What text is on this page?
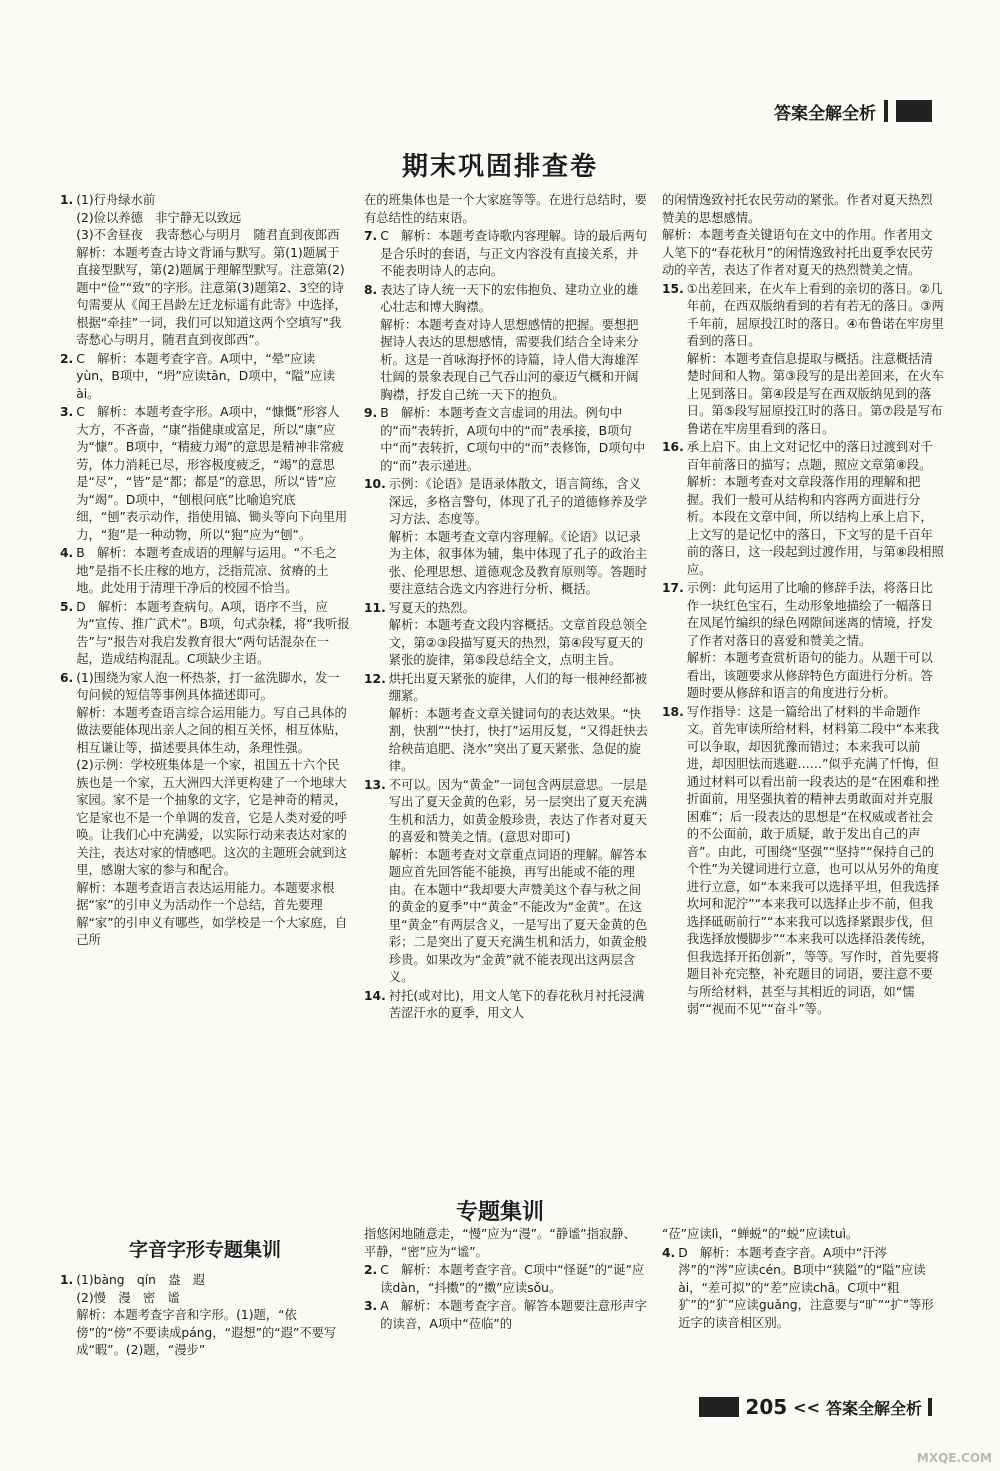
答案全解全析
期末巩固排查卷
1. (1)行舟绿水前
(2)俭以养德　非宁静无以致远
(3)不舍昼夜　我寄愁心与明月　随君直到夜郎西
解析：本题考查古诗文背诵与默写。第(1)题属于直接型默写，第(2)题属于理解型默写。注意第(2)题中“俭”“致”的字形。注意第(3)题第2、3空的诗句需要从《闻王昌龄左迁龙标遥有此寄》中选择，根据“牵挂”一词，我们可以知道这两个空填写“我寄愁心与明月，随君直到夜郎西”。
2. C　解析：本题考查字音。A项中，“晕”应读yùn，B项中，“坍”应读tān，D项中，“隘”应读ài。
3. C　解析：本题考查字形。A项中，“慷慨”形容人大方，不吝啬，“康”指健康或富足，所以“康”应为“慷”。B项中，“精疲力竭”的意思是精神非常疲劳，体力消耗已尽，形容极度疲乏，“竭”的意思是“尽”，“皆”是“都；都是”的意思，所以“皆”应为“竭”。D项中，“刨根问底”比喻追究底细，“刨”表示动作，指使用镐、锄头等向下向里用力，“狍”是一种动物，所以“狍”应为“刨”。
4. B　解析：本题考查成语的理解与运用。“不毛之地”是指不长庄稼的地方，泛指荒凉、贫瘠的土地。此处用于清理干净后的校园不恰当。
5. D　解析：本题考查病句。A项，语序不当，应为“宣传、推广武术”。B项，句式杂糅，将“我听报告”与“报告对我启发教育很大”两句话混杂在一起，造成结构混乱。C项缺少主语。
6. (1)围绕为家人泡一杯热茶，打一盆洗脚水，发一句问候的短信等事例具体描述即可。
解析：本题考查语言综合运用能力。写自己具体的做法要能体现出亲人之间的相互关怀，相互体贴，相互谦让等，描述要具体生动，条理性强。
(2)示例：学校班集体是一个家，祖国五十六个民族也是一个家，五大洲四大洋更构建了一个地球大家园。家不是一个抽象的文字，它是神奇的精灵，它是家也不是一个单调的发音，它是人类对爱的呼唤。让我们心中充满爱，以实际行动来表达对家的关注，表达对家的情感吧。这次的主题班会就到这里，感谢大家的参与和配合。
解析：本题考查语言表达运用能力。本题要求根据“家”的引申义为活动作一个总结，首先要理解“家”的引申义有哪些，如学校是一个大家庭，自己所
在的班集体也是一个大家庭等等。在进行总结时，要有总结性的结束语。
7. C　解析：本题考查诗歌内容理解。诗的最后两句是合乐时的套语，与正文内容没有直接关系，并不能表明诗人的志向。
8. 表达了诗人统一天下的宏伟抱负、建功立业的雄心壮志和博大胸襟。
解析：本题考查对诗人思想感情的把握。要想把握诗人表达的思想感情，需要我们结合全诗来分析。这是一首咏海抒怀的诗篇，诗人借大海雄浑壮阔的景象表现自己气吞山河的豪迈气概和开阔胸襟，抒发自己统一天下的抱负。
9. B　解析：本题考查文言虚词的用法。例句中的“而”表转折，A项句中的“而”表承接，B项句中“而”表转折，C项句中的“而”表修饰，D项句中的“而”表示递进。
10. 示例：《论语》是语录体散文，语言简练，含义深远，多格言警句，体现了孔子的道德修养及学习方法、态度等。
解析：本题考查文章内容理解。《论语》以记录为主体，叙事体为辅，集中体现了孔子的政治主张、伦理思想、道德观念及教育原则等。答题时要注意结合选文内容进行分析、概括。
11. 写夏天的热烈。
解析：本题考查文段内容概括。文章首段总领全文，第②③段描写夏天的热烈，第④段写夏天的紧张的旋律，第⑤段总结全文，点明主旨。
12. 烘托出夏天紧张的旋律，人们的每一根神经都被绷紧。
解析：本题考查文章关键词句的表达效果。“快割，快割”“快打，快打”运用反复，“又得赶快去给秧苗追肥、浇水”突出了夏天紧张、急促的旋律。
13. 不可以。因为“黄金”一词包含两层意思。一层是写出了夏天金黄的色彩，另一层突出了夏天充满生机和活力，如黄金般珍贵，表达了作者对夏天的喜爱和赞美之情。(意思对即可)
解析：本题考查对文章重点词语的理解。解答本题应首先回答能不能换，再写出能或不能的理由。在本题中“我却要大声赞美这个春与秋之间的黄金的夏季”中“黄金”不能改为“金黄”。在这里“黄金”有两层含义，一是写出了夏天金黄的色彩；二是突出了夏天充满生机和活力，如黄金般珍贵。如果改为“金黄”就不能表现出这两层含义。
14. 衬托(或对比)，用文人笔下的春花秋月衬托浸满苦涩汗水的夏季，用文人
的闲情逸致衬托农民劳动的紧张。作者对夏天热烈赞美的思想感情。
解析：本题考查关键语句在文中的作用。作者用文人笔下的“春花秋月”的闲情逸致衬托出夏季农民劳动的辛苦，表达了作者对夏天的热烈赞美之情。
15. ①出差回来，在火车上看到的亲切的落日。②几年前，在西双版纳看到的若有若无的落日。③两千年前，屈原投江时的落日。④布鲁诺在牢房里看到的落日。
解析：本题考查信息提取与概括。注意概括清楚时间和人物。第③段写的是出差回来，在火车上见到落日。第④段是写在西双版纳见到的落日。第⑤段写屈原投江时的落日。第⑦段是写布鲁诺在牢房里看到的落日。
16. 承上启下。由上文对记忆中的落日过渡到对千百年前落日的描写；点题，照应文章第⑧段。
解析：本题考查对文章段落作用的理解和把握。我们一般可从结构和内容两方面进行分析。本段在文章中间，所以结构上承上启下，上文写的是记忆中的落日，下文写的是千百年前的落日，这一段起到过渡作用，与第⑧段相照应。
17. 示例：此句运用了比喻的修辞手法，将落日比作一块红色宝石，生动形象地描绘了一幅落日在凤尾竹编织的绿色网隙间迷离的情境，抒发了作者对落日的喜爱和赞美之情。
解析：本题考查赏析语句的能力。从题干可以看出，该题要求从修辞特色方面进行分析。答题时要从修辞和语言的角度进行分析。
18. 写作指导：这是一篇给出了材料的半命题作文。首先审读所给材料，材料第二段中“本来我可以争取，却因犹豫而错过；本来我可以前进，却因胆怯而逃避……”似乎充满了忏悔，但通过材料可以看出前一段表达的是“在困难和挫折面前，用坚强执着的精神去勇敢面对并克服困难”；后一段表达的思想是“在权威或者社会的不公面前，敢于质疑，敢于发出自己的声音”。由此，可围绕“坚强”“坚持”“保持自己的个性”为关键词进行立意，也可以从另外的角度进行立意，如“本来我可以选择平坦，但我选择坎坷和泥泞”“本来我可以选择止步不前，但我选择砥砺前行”“本来我可以选择紧跟步伐，但我选择放慢脚步”“本来我可以选择沿袭传统，但我选择开拓创新”，等等。写作时，首先要将题目补充完整，补充题目的词语，要注意不要与所给材料，甚至与其相近的词语，如“懦弱”“视而不见”“奋斗”等。
专题集训
字音字形专题集训
1. (1)bàng　qín　盎　遐
(2)慢　漫　密　谧
解析：本题考查字音和字形。(1)题，“依傍”的“傍”不要读成páng，“遐想”的“遐”不要写成“暇”。(2)题，“漫步”
指悠闲地随意走，“慢”应为“漫”。“静谧”指寂静、平静，“密”应为“谧”。
2. C　解析：本题考查字音。C项中“怪诞”的“诞”应读dàn，“抖擞”的“擞”应读sǒu。
3. A　解析：本题考查字音。解答本题要注意形声字的读音，A项中“莅临”的
“莅”应读lì，“蝉蜕”的“蜕”应读tuì。
4. D　解析：本题考查字音。A项中“汗涔涔”的“涔”应读cén。B项中“狭隘”的“隘”应读ài，“差可拟”的“差”应读chā。C项中“粗犷”的“犷”应读guǎng，注意要与“旷”“扩”等形近字的读音相区别。
205 << 答案全解全析
MXQE.COM
